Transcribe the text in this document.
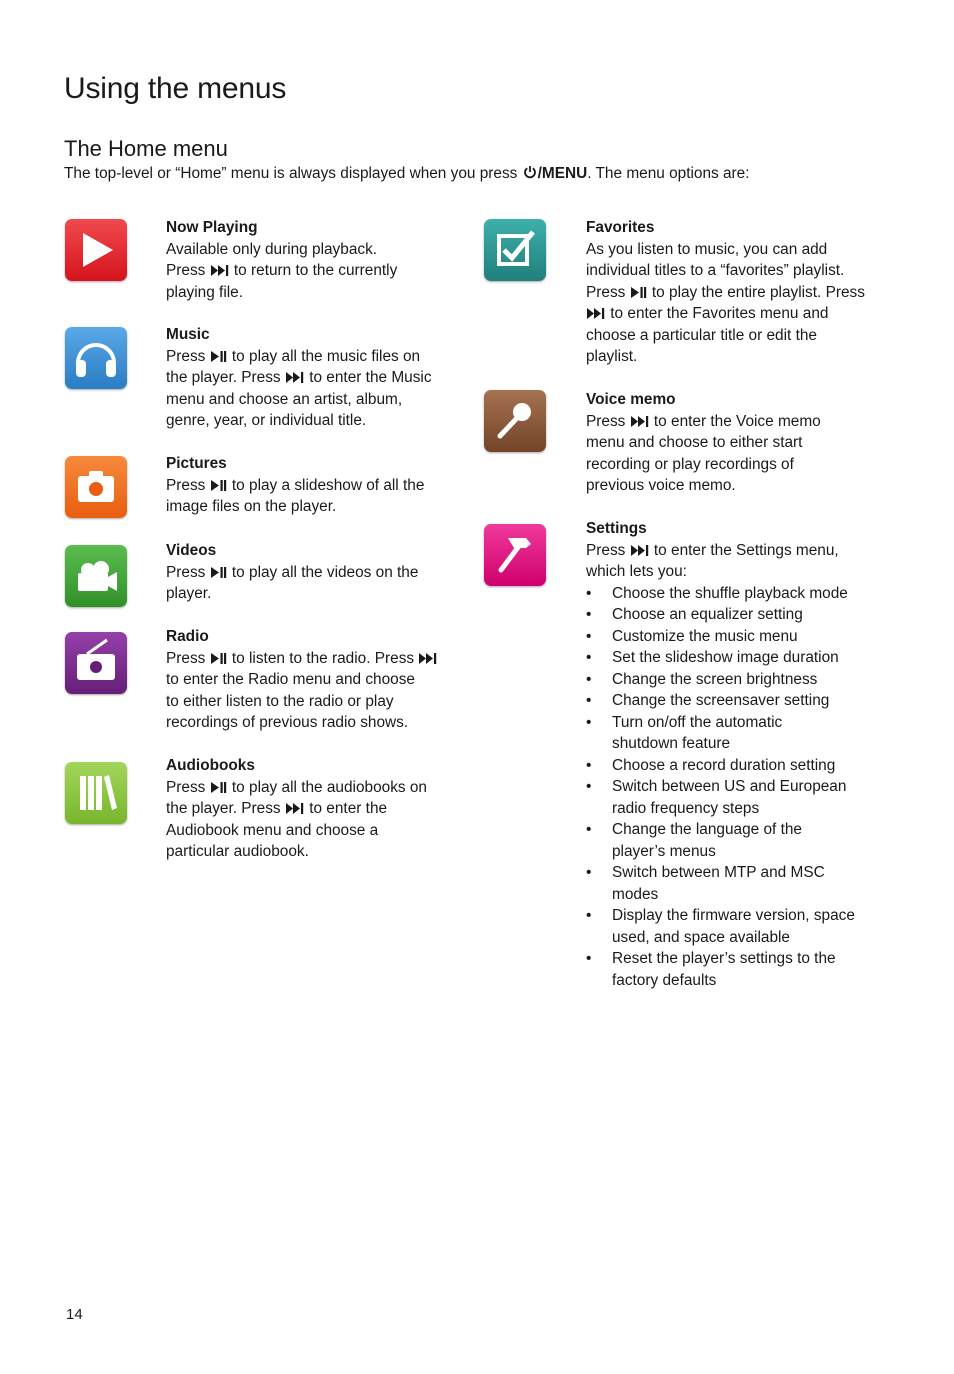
Using the menus
The Home menu
The top-level or “Home” menu is always displayed when you press /MENU. The menu options are:
Now Playing
Available only during playback.
Press  to return to the currently
playing file.
Music
Press  to play all the music files on
the player. Press  to enter the Music
menu and choose an artist, album,
genre, year, or individual title.
Pictures
Press  to play a slideshow of all the
image files on the player.
Videos
Press  to play all the videos on the
player.
Radio
Press  to listen to the radio. Press
to enter the Radio menu and choose
to either listen to the radio or play
recordings of previous radio shows.
Audiobooks
Press  to play all the audiobooks on
the player. Press  to enter the
Audiobook menu and choose a
particular audiobook.
Favorites
As you listen to music, you can add
individual titles to a “favorites” playlist.
Press  to play the entire playlist. Press
to enter the Favorites menu and
choose a particular title or edit the
playlist.
Voice memo
Press  to enter the Voice memo
menu and choose to either start
recording or play recordings of
previous voice memo.
Settings
Press  to enter the Settings menu,
which lets you:
• Choose the shuffle playback mode
• Choose an equalizer setting
• Customize the music menu
• Set the slideshow image duration
• Change the screen brightness
• Change the screensaver setting
• Turn on/off the automatic
shutdown feature
• Choose a record duration setting
• Switch between US and European
radio frequency steps
• Change the language of the
player’s menus
• Switch between MTP and MSC
modes
• Display the firmware version, space
used, and space available
• Reset the player’s settings to the
factory defaults
14
